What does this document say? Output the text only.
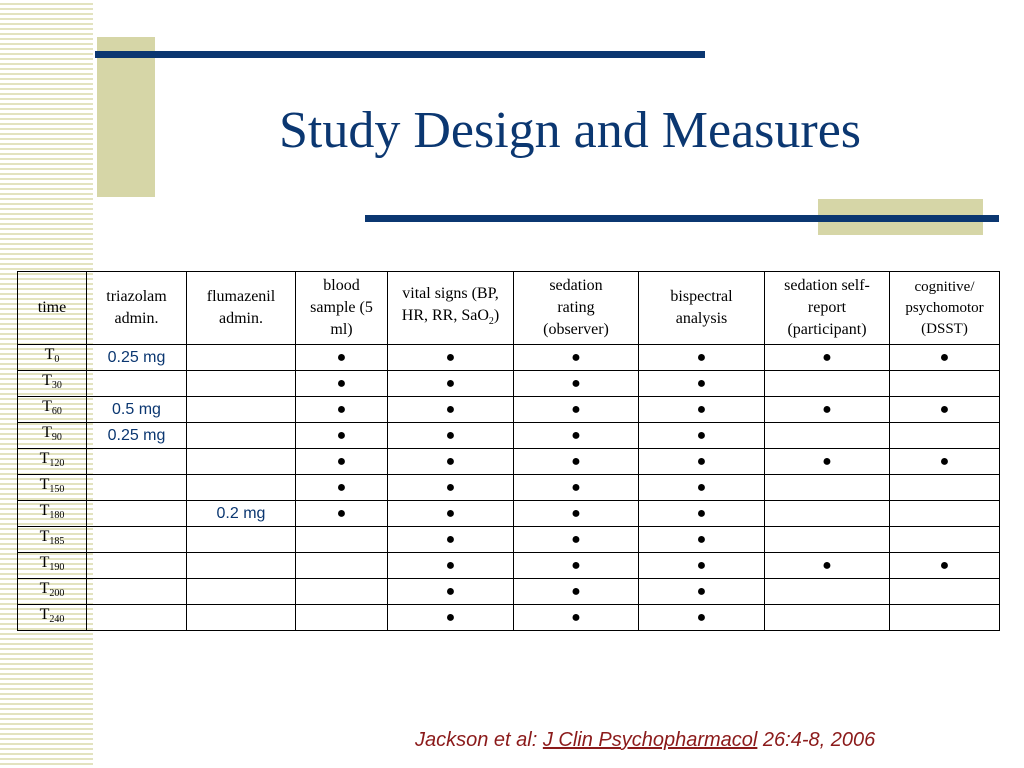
Study Design and Measures
time	triazolam admin.	flumazenil admin.	blood sample (5 ml)	vital signs (BP, HR, RR, SaO$_2$)	sedation rating (observer)	bispectral analysis	sedation self-report (participant)	cognitive/ psychomotor (DSST)
$T_0$	0.25 mg		●	●	●	●	●	●
$T_{30}$			●	●	●	●		
$T_{60}$	0.5 mg		●	●	●	●	●	●
$T_{90}$	0.25 mg		●	●	●	●		
$T_{120}$			●	●	●	●	●	●
$T_{150}$			●	●	●	●		
$T_{180}$		0.2 mg	●	●	●	●		
$T_{185}$				●	●	●		
$T_{190}$				●	●	●	●	●
$T_{200}$				●	●	●		
$T_{240}$				●	●	●		
Jackson et al: J Clin Psychopharmacol 26:4-8, 2006
